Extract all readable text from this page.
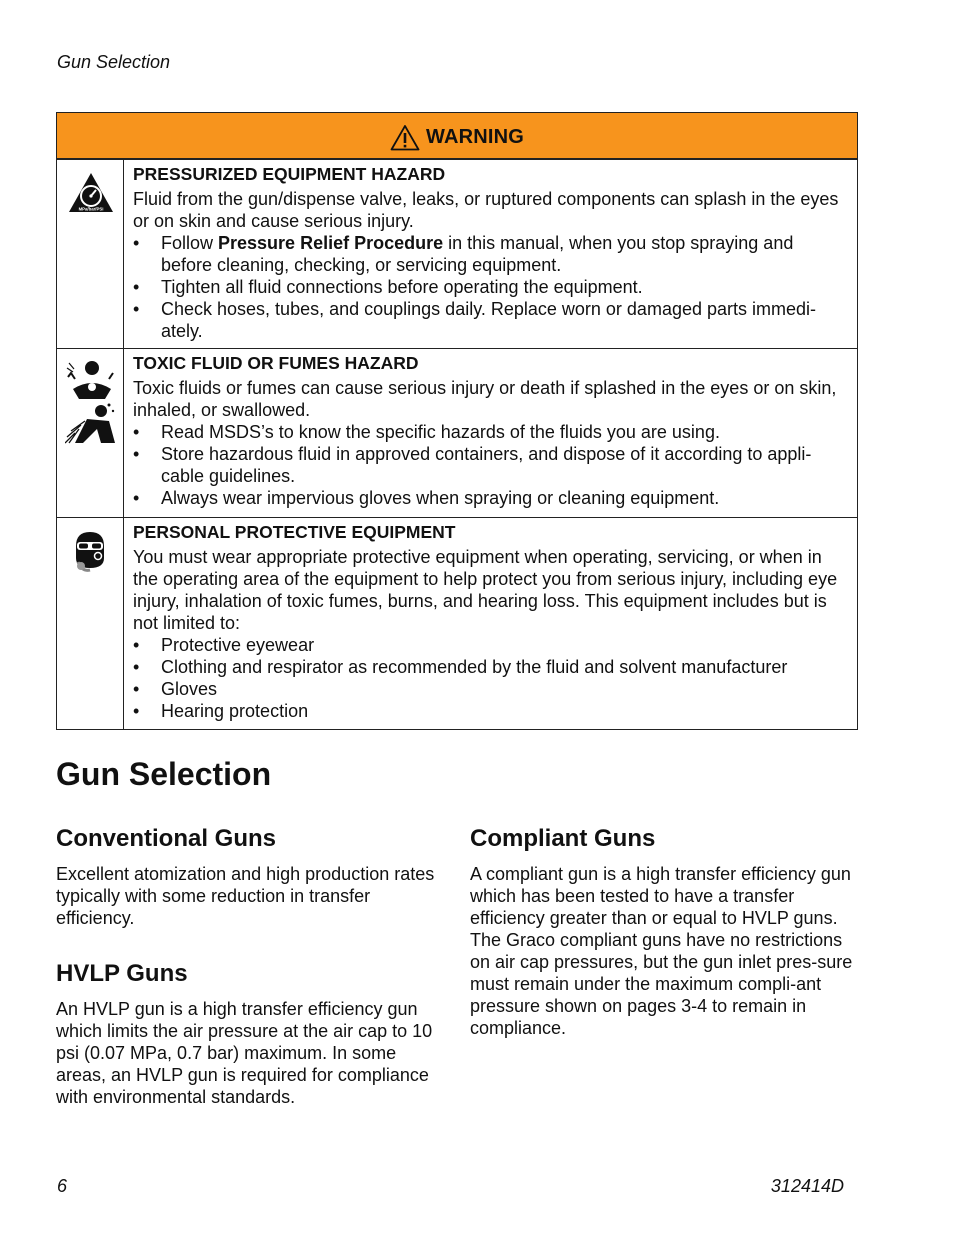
Gun Selection
WARNING
MPa/bar/PSI
PRESSURIZED EQUIPMENT HAZARD
Fluid from the gun/dispense valve, leaks, or ruptured components can splash in the eyes or on skin and cause serious injury.
• Follow Pressure Relief Procedure in this manual, when you stop spraying and before cleaning, checking, or servicing equipment.
• Tighten all fluid connections before operating the equipment.
• Check hoses, tubes, and couplings daily. Replace worn or damaged parts immedi-ately.
TOXIC FLUID OR FUMES HAZARD
Toxic fluids or fumes can cause serious injury or death if splashed in the eyes or on skin, inhaled, or swallowed.
• Read MSDS’s to know the specific hazards of the fluids you are using.
• Store hazardous fluid in approved containers, and dispose of it according to appli-cable guidelines.
• Always wear impervious gloves when spraying or cleaning equipment.
PERSONAL PROTECTIVE EQUIPMENT
You must wear appropriate protective equipment when operating, servicing, or when in the operating area of the equipment to help protect you from serious injury, including eye injury, inhalation of toxic fumes, burns, and hearing loss. This equipment includes but is not limited to:
• Protective eyewear
• Clothing and respirator as recommended by the fluid and solvent manufacturer
• Gloves
• Hearing protection
Gun Selection
Conventional Guns
Excellent atomization and high production rates typically with some reduction in transfer efficiency.
HVLP Guns
An HVLP gun is a high transfer efficiency gun which limits the air pressure at the air cap to 10 psi (0.07 MPa, 0.7 bar) maximum. In some areas, an HVLP gun is required for compliance with environmental standards.
Compliant Guns
A compliant gun is a high transfer efficiency gun which has been tested to have a transfer efficiency greater than or equal to HVLP guns. The Graco compliant guns have no restrictions on air cap pressures, but the gun inlet pres-sure must remain under the maximum compli-ant pressure shown on pages 3-4 to remain in compliance.
6	312414D
